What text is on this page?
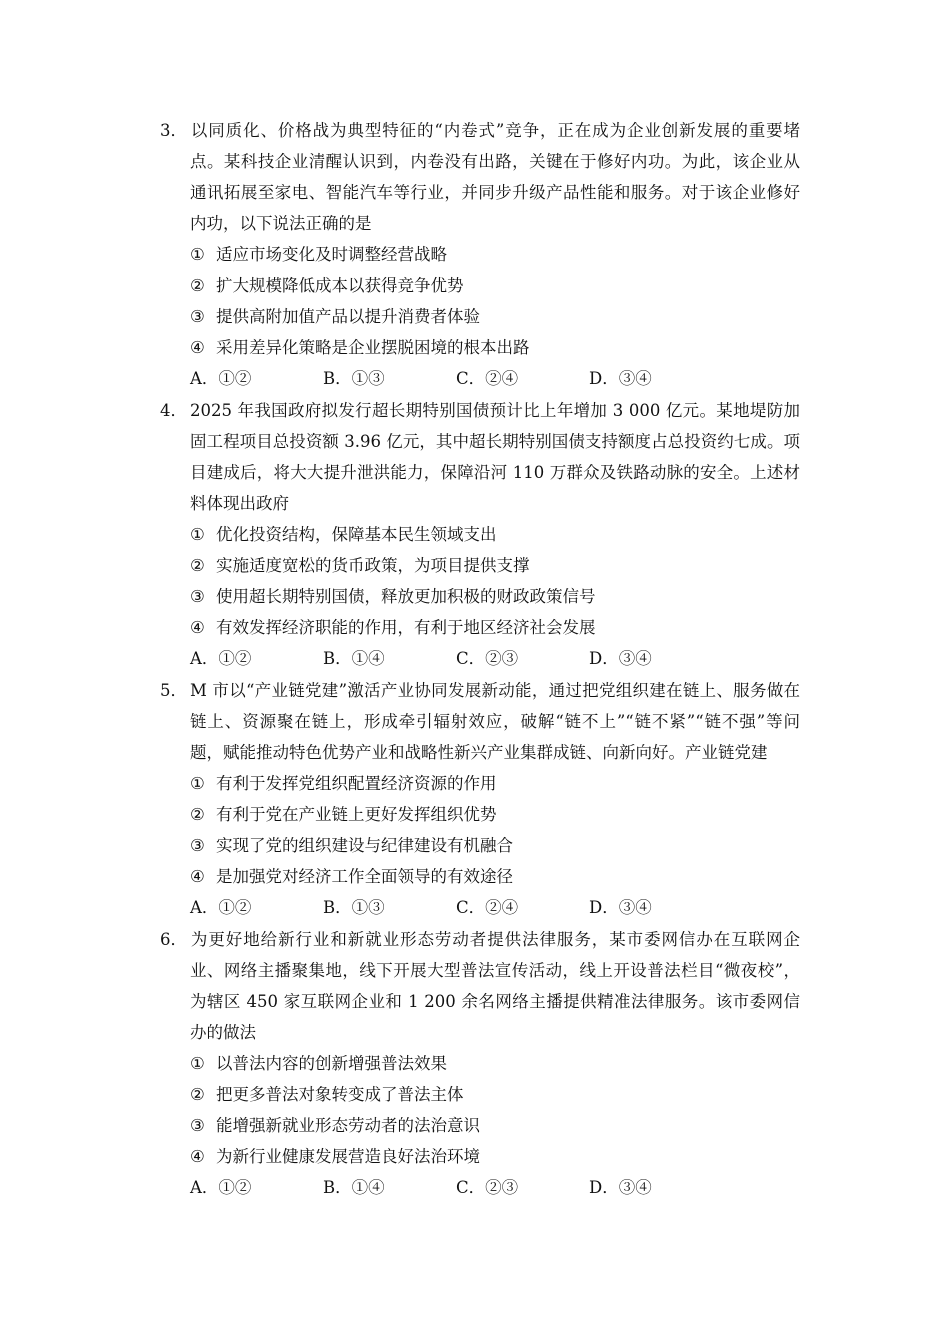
3． 以同质化、价格战为典型特征的“内卷式”竞争，正在成为企业创新发展的重要堵点。某科技企业清醒认识到，内卷没有出路，关键在于修好内功。为此，该企业从通讯拓展至家电、智能汽车等行业，并同步升级产品性能和服务。对于该企业修好内功，以下说法正确的是
① 适应市场变化及时调整经营战略
② 扩大规模降低成本以获得竞争优势
③ 提供高附加值产品以提升消费者体验
④ 采用差异化策略是企业摆脱困境的根本出路
A．①②	B．①③	C．②④	D．③④
4． 2025 年我国政府拟发行超长期特别国债预计比上年增加 3 000 亿元。某地堤防加固工程项目总投资额 3.96 亿元，其中超长期特别国债支持额度占总投资约七成。项目建成后，将大大提升泄洪能力，保障沿河 110 万群众及铁路动脉的安全。上述材料体现出政府
① 优化投资结构，保障基本民生领域支出
② 实施适度宽松的货币政策，为项目提供支撑
③ 使用超长期特别国债，释放更加积极的财政政策信号
④ 有效发挥经济职能的作用，有利于地区经济社会发展
A．①②	B．①④	C．②③	D．③④
5． M 市以“产业链党建”激活产业协同发展新动能，通过把党组织建在链上、服务做在链上、资源聚在链上，形成牵引辐射效应，破解“链不上”“链不紧”“链不强”等问题，赋能推动特色优势产业和战略性新兴产业集群成链、向新向好。产业链党建
① 有利于发挥党组织配置经济资源的作用
② 有利于党在产业链上更好发挥组织优势
③ 实现了党的组织建设与纪律建设有机融合
④ 是加强党对经济工作全面领导的有效途径
A．①②	B．①③	C．②④	D．③④
6． 为更好地给新行业和新就业形态劳动者提供法律服务，某市委网信办在互联网企业、网络主播聚集地，线下开展大型普法宣传活动，线上开设普法栏目“微夜校”，为辖区 450 家互联网企业和 1 200 余名网络主播提供精准法律服务。该市委网信办的做法
① 以普法内容的创新增强普法效果
② 把更多普法对象转变成了普法主体
③ 能增强新就业形态劳动者的法治意识
④ 为新行业健康发展营造良好法治环境
A．①②	B．①④	C．②③	D．③④
